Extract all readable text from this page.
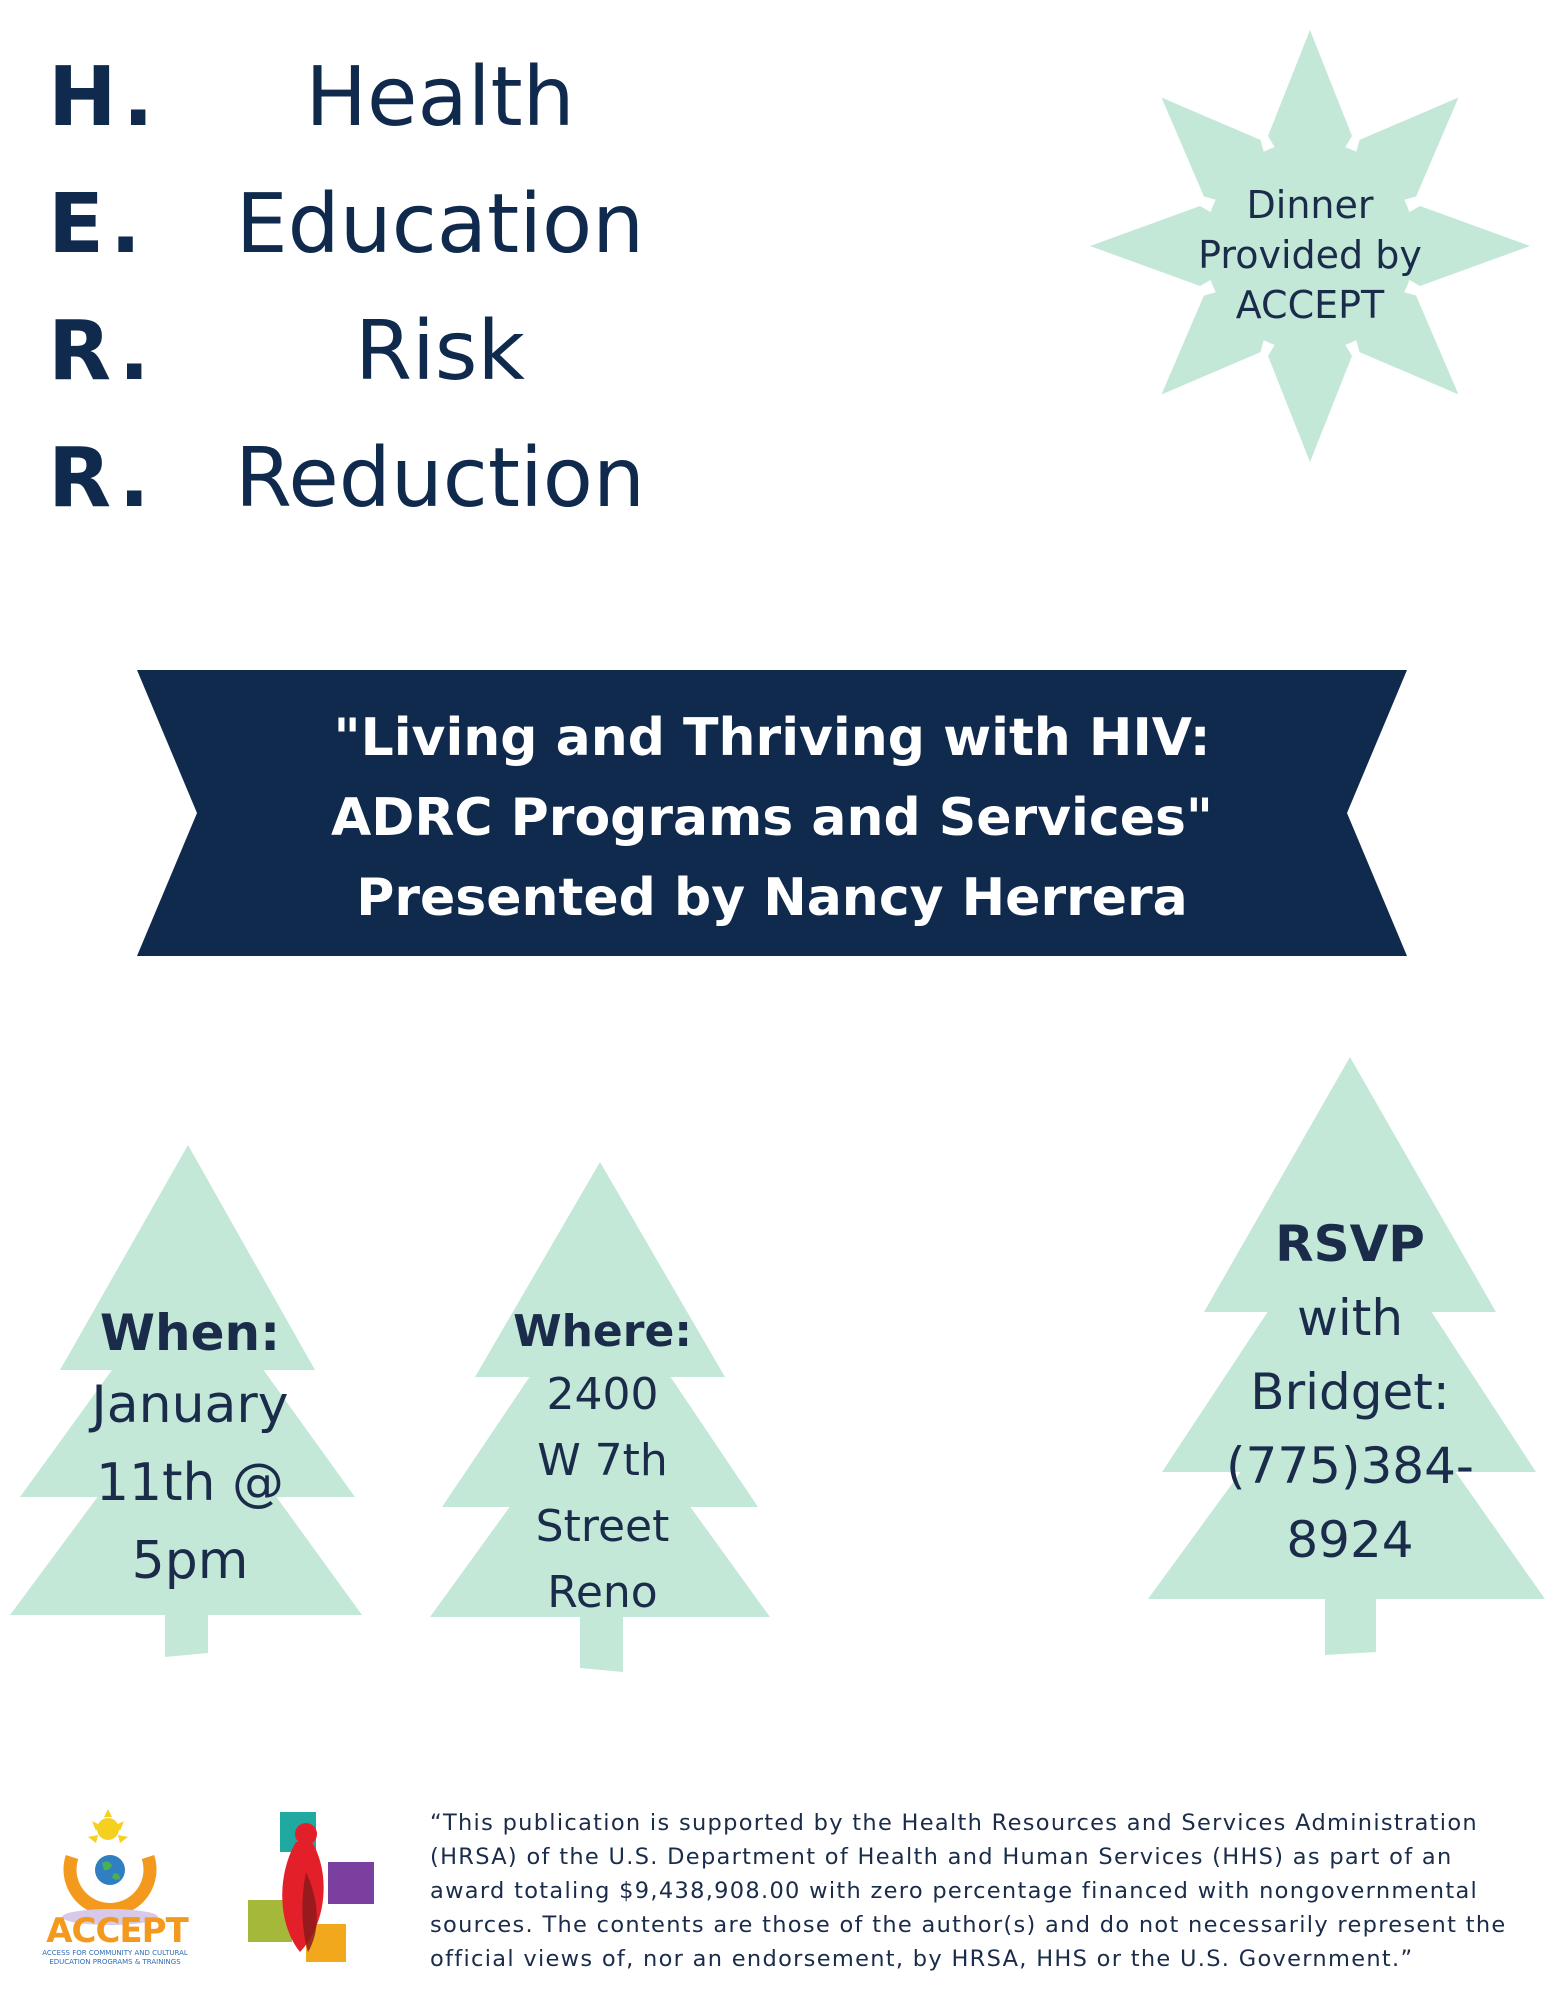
H.	Health
E.	Education
R.	Risk
R. Reduction
Dinner
Provided by
ACCEPT
"Living and Thriving with HIV:
ADRC Programs and Services"
Presented by Nancy Herrera
When:
January
11th @
5pm
Where:
2400
W 7th
Street
Reno
RSVP
with
Bridget:
(775)384-
8924
ACCEPT
ACCESS FOR COMMUNITY AND CULTURAL
EDUCATION PROGRAMS & TRAININGS
“This publication is supported by the Health Resources and Services Administration (HRSA) of the U.S. Department of Health and Human Services (HHS) as part of an award totaling $9,438,908.00 with zero percentage financed with nongovernmental sources. The contents are those of the author(s) and do not necessarily represent the official views of, nor an endorsement, by HRSA, HHS or the U.S. Government.”
